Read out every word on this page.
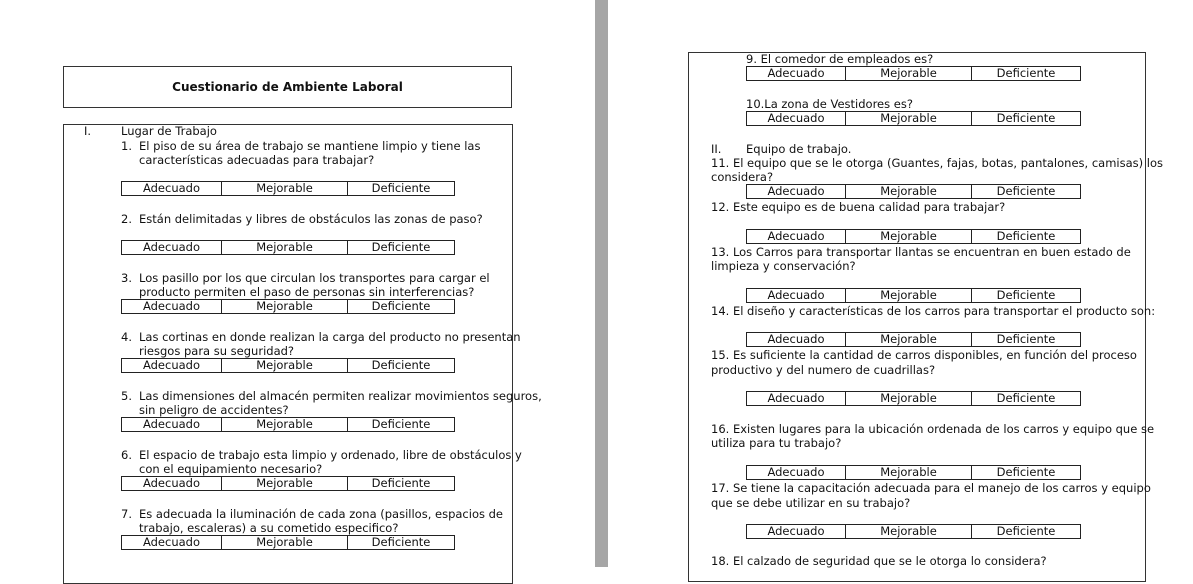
Cuestionario de Ambiente Laboral
I.	Lugar de Trabajo
1. El piso de su área de trabajo se mantiene limpio y tiene las
características adecuadas para trabajar?
Adecuado	Mejorable	Deficiente
2. Están delimitadas y libres de obstáculos las zonas de paso?
Adecuado	Mejorable	Deficiente
3. Los pasillo por los que circulan los transportes para cargar el
producto permiten el paso de personas sin interferencias?
Adecuado	Mejorable	Deficiente
4. Las cortinas en donde realizan la carga del producto no presentan
riesgos para su seguridad?
Adecuado	Mejorable	Deficiente
5. Las dimensiones del almacén permiten realizar movimientos seguros,
sin peligro de accidentes?
Adecuado	Mejorable	Deficiente
6. El espacio de trabajo esta limpio y ordenado, libre de obstáculos y
con el equipamiento necesario?
Adecuado	Mejorable	Deficiente
7. Es adecuada la iluminación de cada zona (pasillos, espacios de
trabajo, escaleras) a su cometido especifico?
Adecuado	Mejorable	Deficiente
9. El comedor de empleados es?
Adecuado	Mejorable	Deficiente
10.La zona de Vestidores es?
Adecuado	Mejorable	Deficiente
II. Equipo de trabajo.
11. El equipo que se le otorga (Guantes, fajas, botas, pantalones, camisas) los
considera?
Adecuado	Mejorable	Deficiente
12. Este equipo es de buena calidad para trabajar?
Adecuado	Mejorable	Deficiente
13. Los Carros para transportar llantas se encuentran en buen estado de
limpieza y conservación?
Adecuado	Mejorable	Deficiente
14. El diseño y características de los carros para transportar el producto son:
Adecuado	Mejorable	Deficiente
15. Es suficiente la cantidad de carros disponibles, en función del proceso
productivo y del numero de cuadrillas?
Adecuado	Mejorable	Deficiente
16. Existen lugares para la ubicación ordenada de los carros y equipo que se
utiliza para tu trabajo?
Adecuado	Mejorable	Deficiente
17. Se tiene la capacitación adecuada para el manejo de los carros y equipo
que se debe utilizar en su trabajo?
Adecuado	Mejorable	Deficiente
18. El calzado de seguridad que se le otorga lo considera?
